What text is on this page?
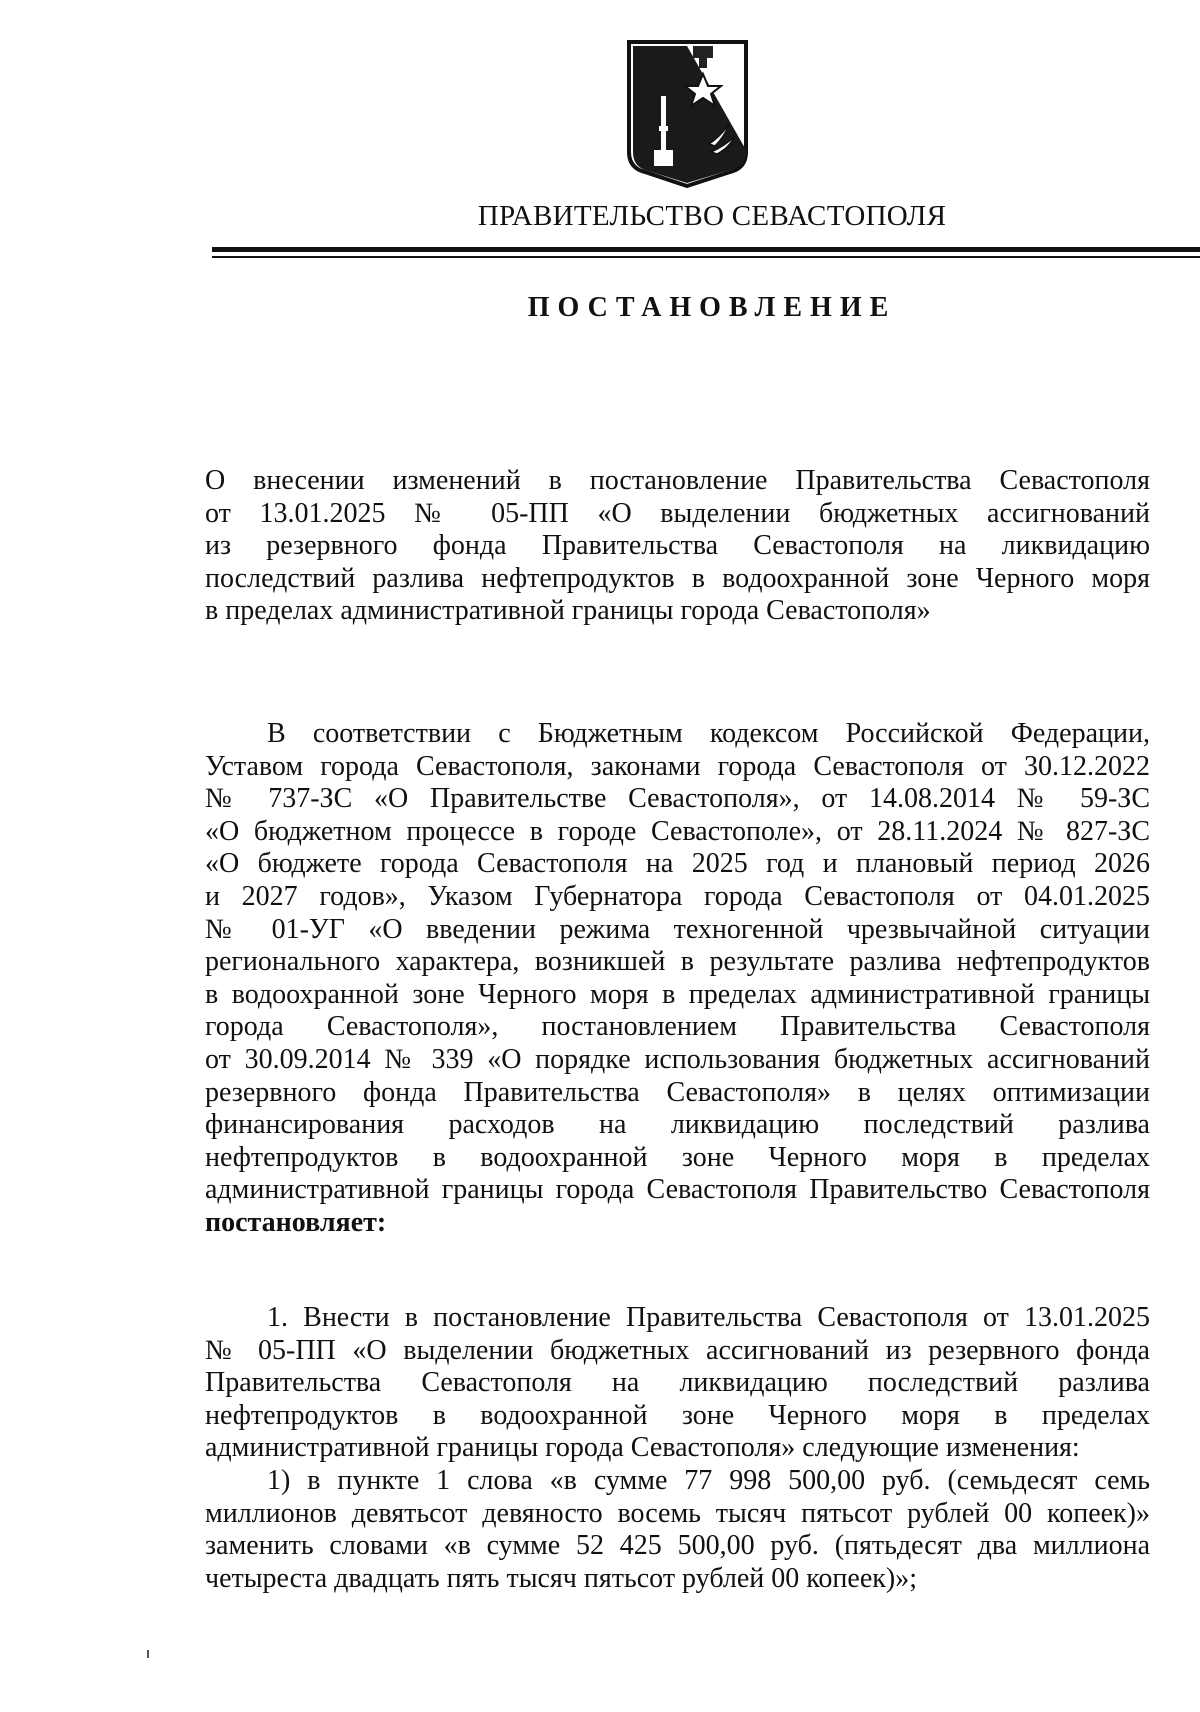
ПРАВИТЕЛЬСТВО СЕВАСТОПОЛЯ
ПОСТАНОВЛЕНИЕ
О внесении изменений в постановление Правительства Севастополя
от 13.01.2025 № 05-ПП «О выделении бюджетных ассигнований
из резервного фонда Правительства Севастополя на ликвидацию
последствий разлива нефтепродуктов в водоохранной зоне Черного моря
в пределах административной границы города Севастополя»
В соответствии с Бюджетным кодексом Российской Федерации,
Уставом города Севастополя, законами города Севастополя от 30.12.2022
№ 737-ЗС «О Правительстве Севастополя», от 14.08.2014 № 59-ЗС
«О бюджетном процессе в городе Севастополе», от 28.11.2024 № 827-ЗС
«О бюджете города Севастополя на 2025 год и плановый период 2026
и 2027 годов», Указом Губернатора города Севастополя от 04.01.2025
№ 01-УГ «О введении режима техногенной чрезвычайной ситуации
регионального характера, возникшей в результате разлива нефтепродуктов
в водоохранной зоне Черного моря в пределах административной границы
города Севастополя», постановлением Правительства Севастополя
от 30.09.2014 № 339 «О порядке использования бюджетных ассигнований
резервного фонда Правительства Севастополя» в целях оптимизации
финансирования расходов на ликвидацию последствий разлива
нефтепродуктов в водоохранной зоне Черного моря в пределах
административной границы города Севастополя Правительство Севастополя
постановляет:
1. Внести в постановление Правительства Севастополя от 13.01.2025
№ 05-ПП «О выделении бюджетных ассигнований из резервного фонда
Правительства Севастополя на ликвидацию последствий разлива
нефтепродуктов в водоохранной зоне Черного моря в пределах
административной границы города Севастополя» следующие изменения:
1) в пункте 1 слова «в сумме 77 998 500,00 руб. (семьдесят семь
миллионов девятьсот девяносто восемь тысяч пятьсот рублей 00 копеек)»
заменить словами «в сумме 52 425 500,00 руб. (пятьдесят два миллиона
четыреста двадцать пять тысяч пятьсот рублей 00 копеек)»;
